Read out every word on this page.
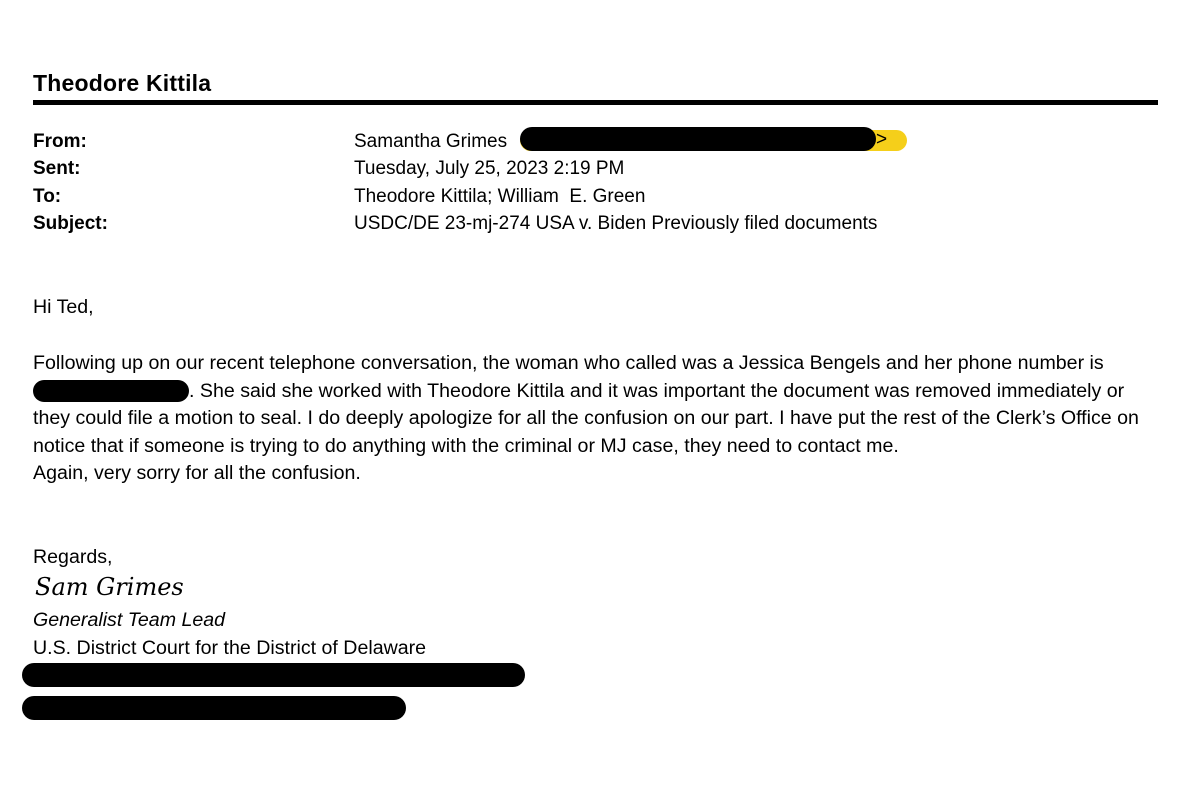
Theodore Kittila
From:	Samantha Grimes	>
Sent:	Tuesday, July 25, 2023 2:19 PM
To:	Theodore Kittila; William  E. Green
Subject:	USDC/DE 23-mj-274 USA v. Biden Previously filed documents
Hi Ted,

Following up on our recent telephone conversation, the woman who called was a Jessica Bengels and her phone number is. She said she worked with Theodore Kittila and it was important the document was removed immediately or they could file a motion to seal. I do deeply apologize for all the confusion on our part. I have put the rest of the Clerk’s Office on notice that if someone is trying to do anything with the criminal or MJ case, they need to contact me.

Again, very sorry for all the confusion.

Regards,
Sam Grimes
Generalist Team Lead
U.S. District Court for the District of Delaware
